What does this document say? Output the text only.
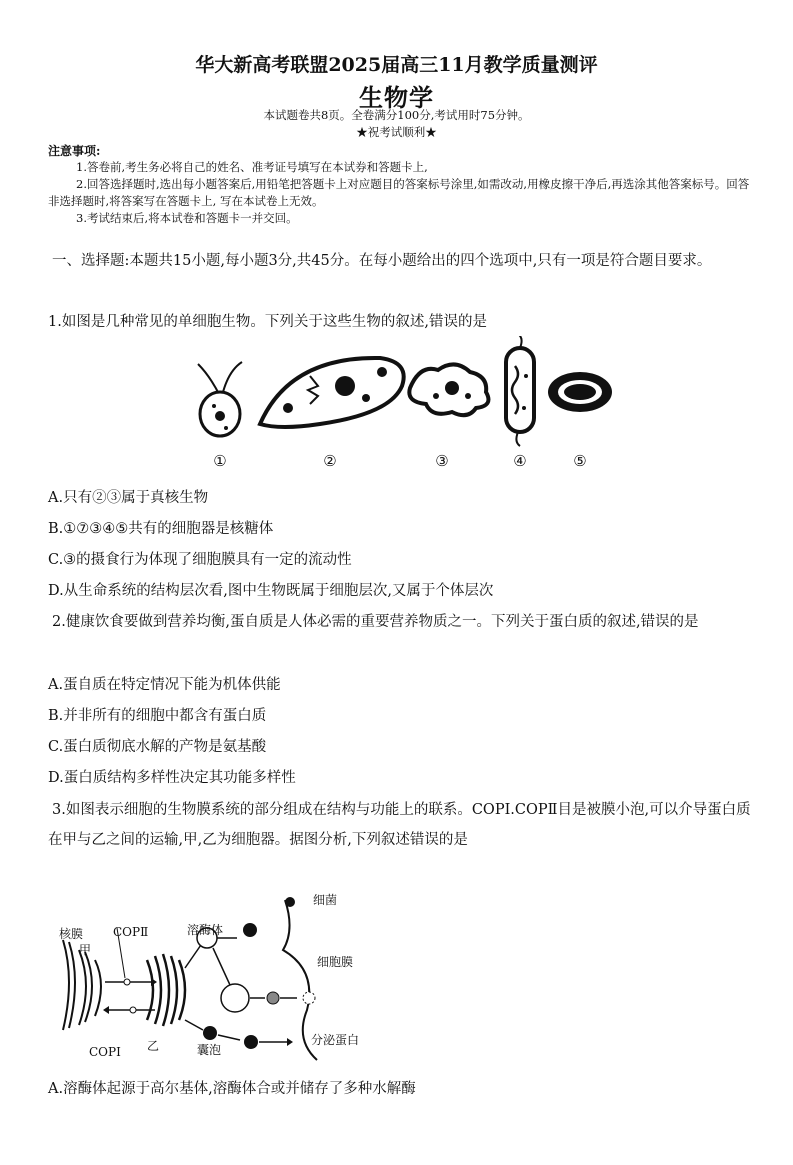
华大新高考联盟2025届高三11月教学质量测评
生物学
本试题卷共8页。全卷满分100分,考试用时75分钟。
★祝考试顺利★
注意事项:
1.答卷前,考生务必将自己的姓名、准考证号填写在本试券和答题卡上,
2.回答选择题时,选出每小题答案后,用铅笔把答题卡上对应题目的答案标号涂里,如需改动,用橡皮擦干净后,再选涂其他答案标号。回答非选择题时,将答案写在答题卡上, 写在本试卷上无效。
3.考试结束后,将本试卷和答题卡一并交回。
一、选择题:本题共15小题,每小题3分,共45分。在每小题给出的四个选项中,只有一项是符合题目要求。
1.如图是几种常见的单细胞生物。下列关于这些生物的叙述,错误的是
①	②	③	④	⑤
A.只有②③属于真核生物
B.①⑦③④⑤共有的细胞器是核糖体
C.③的摄食行为体现了细胞膜具有一定的流动性
D.从生命系统的结构层次看,图中生物既属于细胞层次,又属于个体层次
2.健康饮食要做到营养均衡,蛋自质是人体必需的重要营养物质之一。下列关于蛋白质的叙述,错误的是
A.蛋自质在特定情况下能为机体供能
B.并非所有的细胞中都含有蛋白质
C.蛋白质彻底水解的产物是氨基酸
D.蛋白质结构多样性决定其功能多样性
3.如图表示细胞的生物膜系统的部分组成在结构与功能上的联系。COPI.COPⅡ目是被膜小泡,可以介导蛋白质在甲与乙之间的运输,甲,乙为细胞器。据图分析,下列叙述错误的是
核膜
甲
COPⅡ
COPⅠ 乙
溶酶体
细菌
细胞膜
囊泡
分泌蛋白
A.溶酶体起源于高尔基体,溶酶体合或并储存了多种水解酶
